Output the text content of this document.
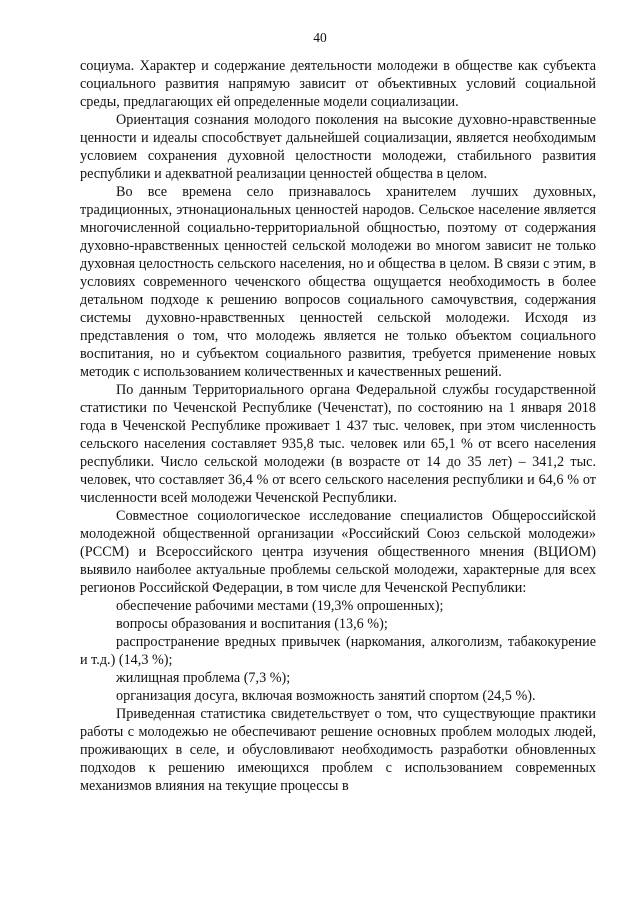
40

социума. Характер и содержание деятельности молодежи в обществе как субъекта социального развития напрямую зависит от объективных условий социальной среды, предлагающих ей определенные модели социализации.

Ориентация сознания молодого поколения на высокие духовно-нравственные ценности и идеалы способствует дальнейшей социализации, является необходимым условием сохранения духовной целостности молодежи, стабильного развития республики и адекватной реализации ценностей общества в целом.

Во все времена село признавалось хранителем лучших духовных, традиционных, этнонациональных ценностей народов. Сельское население является многочисленной социально-территориальной общностью, поэтому от содержания духовно-нравственных ценностей сельской молодежи во многом зависит не только духовная целостность сельского населения, но и общества в целом. В связи с этим, в условиях современного чеченского общества ощущается необходимость в более детальном подходе к решению вопросов социального самочувствия, содержания системы духовно-нравственных ценностей сельской молодежи. Исходя из представления о том, что молодежь является не только объектом социального воспитания, но и субъектом социального развития, требуется применение новых методик с использованием количественных и качественных решений.

По данным Территориального органа Федеральной службы государственной статистики по Чеченской Республике (Чеченстат), по состоянию на 1 января 2018 года в Чеченской Республике проживает 1 437 тыс. человек, при этом численность сельского населения составляет 935,8 тыс. человек или 65,1 % от всего населения республики. Число сельской молодежи (в возрасте от 14 до 35 лет) – 341,2 тыс. человек, что составляет 36,4 % от всего сельского населения республики и 64,6 % от численности всей молодежи Чеченской Республики.

Совместное социологическое исследование специалистов Общероссийской молодежной общественной организации «Российский Союз сельской молодежи» (РССМ) и Всероссийского центра изучения общественного мнения (ВЦИОМ) выявило наиболее актуальные проблемы сельской молодежи, характерные для всех регионов Российской Федерации, в том числе для Чеченской Республики:

обеспечение рабочими местами (19,3% опрошенных);

вопросы образования и воспитания (13,6 %);

распространение вредных привычек (наркомания, алкоголизм, табакокурение и т.д.) (14,3 %);

жилищная проблема (7,3 %);

организация досуга, включая возможность занятий спортом (24,5 %).

Приведенная статистика свидетельствует о том, что существующие практики работы с молодежью не обеспечивают решение основных проблем молодых людей, проживающих в селе, и обусловливают необходимость разработки обновленных подходов к решению имеющихся проблем с использованием современных механизмов влияния на текущие процессы в
